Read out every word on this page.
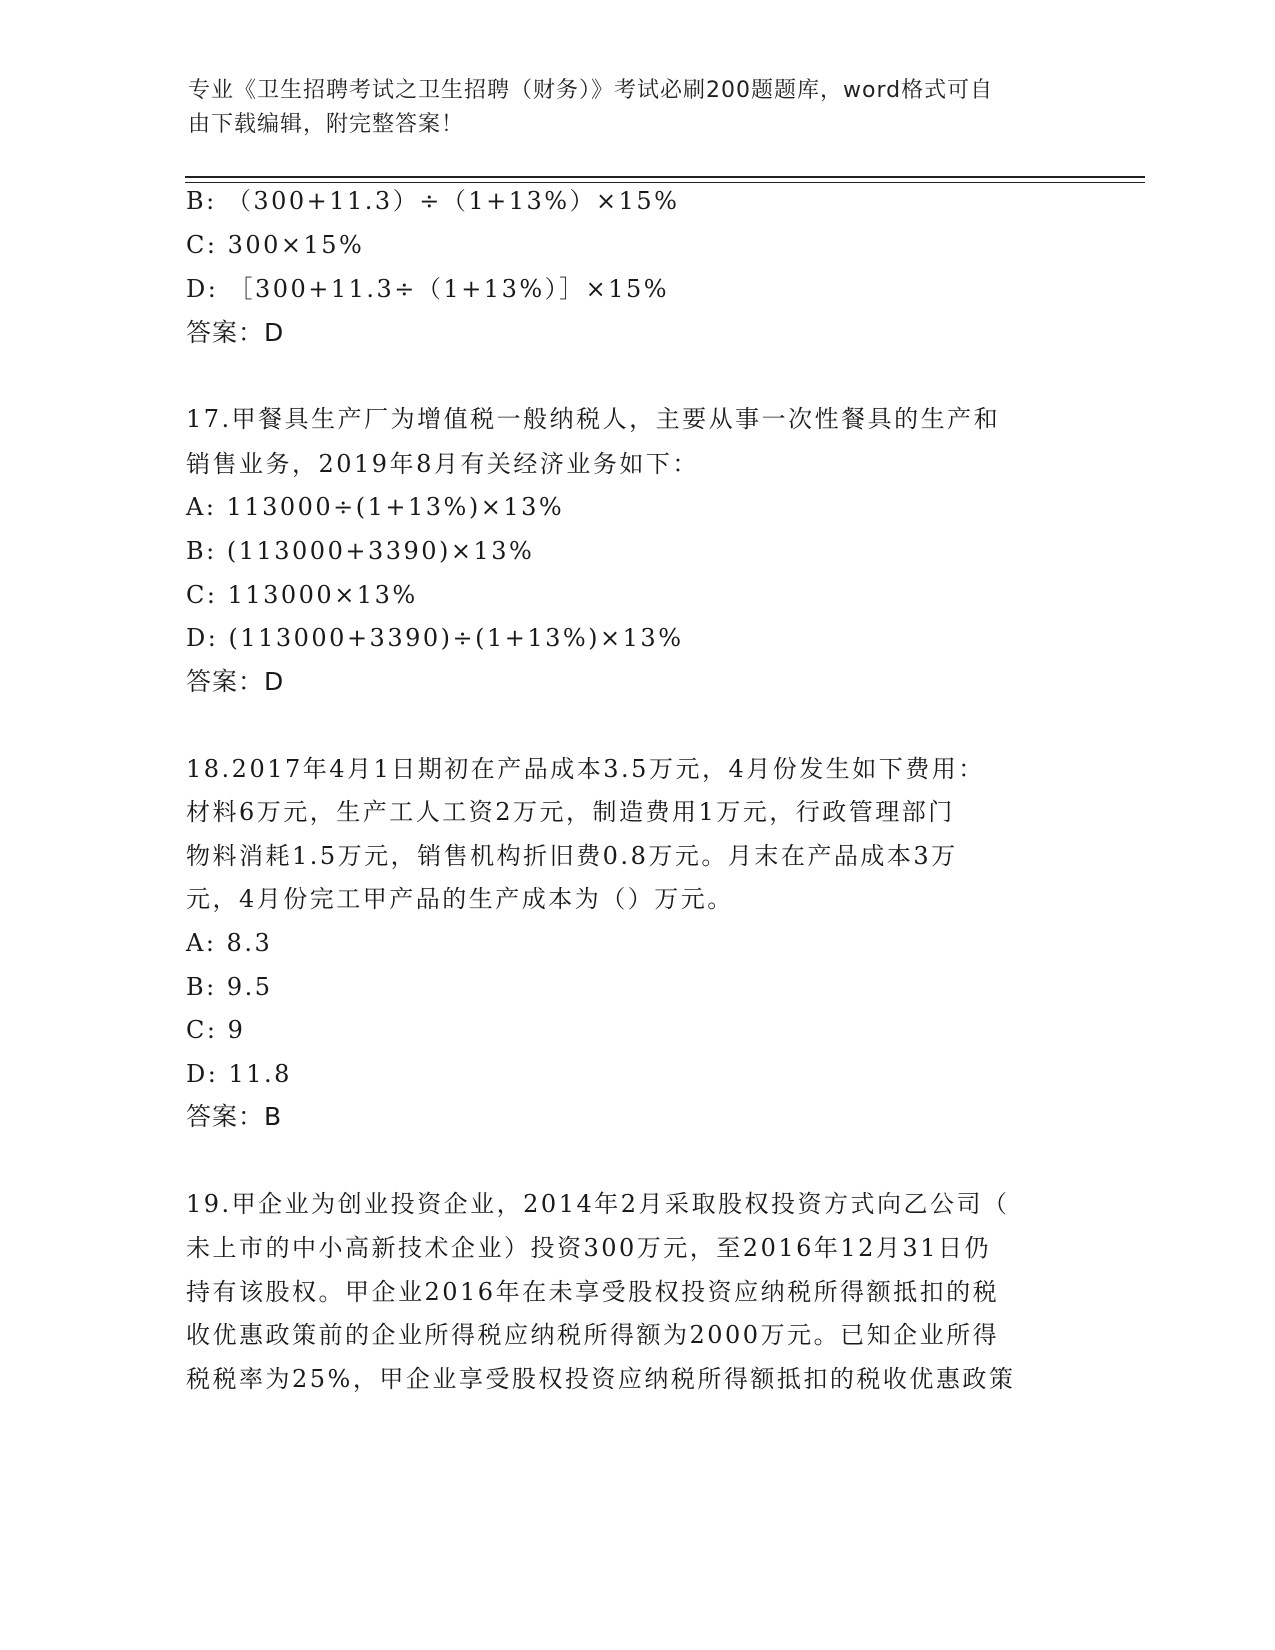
专业《卫生招聘考试之卫生招聘（财务）》考试必刷200题题库，word格式可自
由下载编辑，附完整答案！
B: （300+11.3）÷（1+13%）×15%
C: 300×15%
D: ［300+11.3÷（1+13%）］×15%
答案：D
17.甲餐具生产厂为增值税一般纳税人，主要从事一次性餐具的生产和
销售业务，2019年8月有关经济业务如下：
A: 113000÷(1+13%)×13%
B: (113000+3390)×13%
C: 113000×13%
D: (113000+3390)÷(1+13%)×13%
答案：D
18.2017年4月1日期初在产品成本3.5万元，4月份发生如下费用：
材料6万元，生产工人工资2万元，制造费用1万元，行政管理部门
物料消耗1.5万元，销售机构折旧费0.8万元。月末在产品成本3万
元，4月份完工甲产品的生产成本为（）万元。
A: 8.3
B: 9.5
C: 9
D: 11.8
答案：B
19.甲企业为创业投资企业，2014年2月采取股权投资方式向乙公司（
未上市的中小高新技术企业）投资300万元，至2016年12月31日仍
持有该股权。甲企业2016年在未享受股权投资应纳税所得额抵扣的税
收优惠政策前的企业所得税应纳税所得额为2000万元。已知企业所得
税税率为25%，甲企业享受股权投资应纳税所得额抵扣的税收优惠政策
